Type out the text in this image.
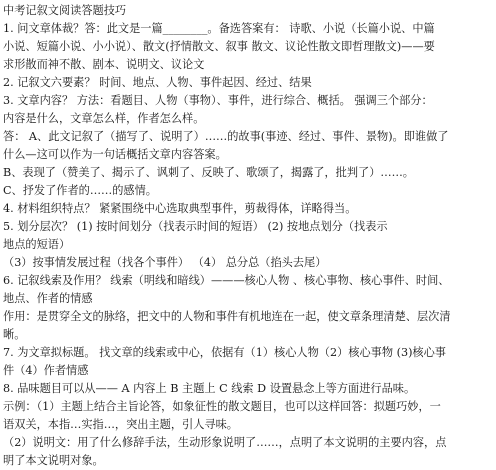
中考记叙文阅读答题技巧
1. 问文章体裁？答：此文是一篇________。备选答案有： 诗歌、小说（长篇小说、中篇
小说、短篇小说、小小说）、散文(抒情散文、叙事 散文、议论性散文即哲理散文)——要
求形散而神不散、剧本、说明文、议论文
2. 记叙文六要素？ 时间、地点、人物、事件起因、经过、结果
3. 文章内容？ 方法：看题目、人物（事物）、事件，进行综合、概括。 强调三个部分：
内容是什么，文章怎么样，作者怎么样。
答： A、此文记叙了（描写了、说明了）……的故事(事迹、经过、事件、景物)。即谁做了
什么—这可以作为一句话概括文章内容答案。
B、表现了（赞美了、揭示了、讽刺了、反映了、歌颂了，揭露了，批判了）……。
C、抒发了作者的……的感情。
4. 材料组织特点？ 紧紧围绕中心选取典型事件，剪裁得体，详略得当。
5. 划分层次？ (1) 按时间划分（找表示时间的短语） (2) 按地点划分（找表示
地点的短语）
（3）按事情发展过程（找各个事件） （4） 总分总（掐头去尾）
6. 记叙线索及作用？ 线索（明线和暗线）———核心人物 、核心事物、核心事件、时间、
地点、作者的情感
作用：是贯穿全文的脉络，把文中的人物和事件有机地连在一起，使文章条理清楚、层次清
晰。
7. 为文章拟标题。 找文章的线索或中心，依据有（1）核心人物（2）核心事物 (3)核心事
件（4）作者情感
8. 品味题目可以从—— A 内容上 B 主题上 C 线索 D 设置悬念上等方面进行品味。
示例：（1）主题上结合主旨论答，如象征性的散文题目，也可以这样回答：拟题巧妙，一
语双关，本指…实指…，突出主题，引人寻味。
（2）说明文：用了什么修辞手法，生动形象说明了……，点明了本文说明的主要内容，点
明了本文说明对象。
